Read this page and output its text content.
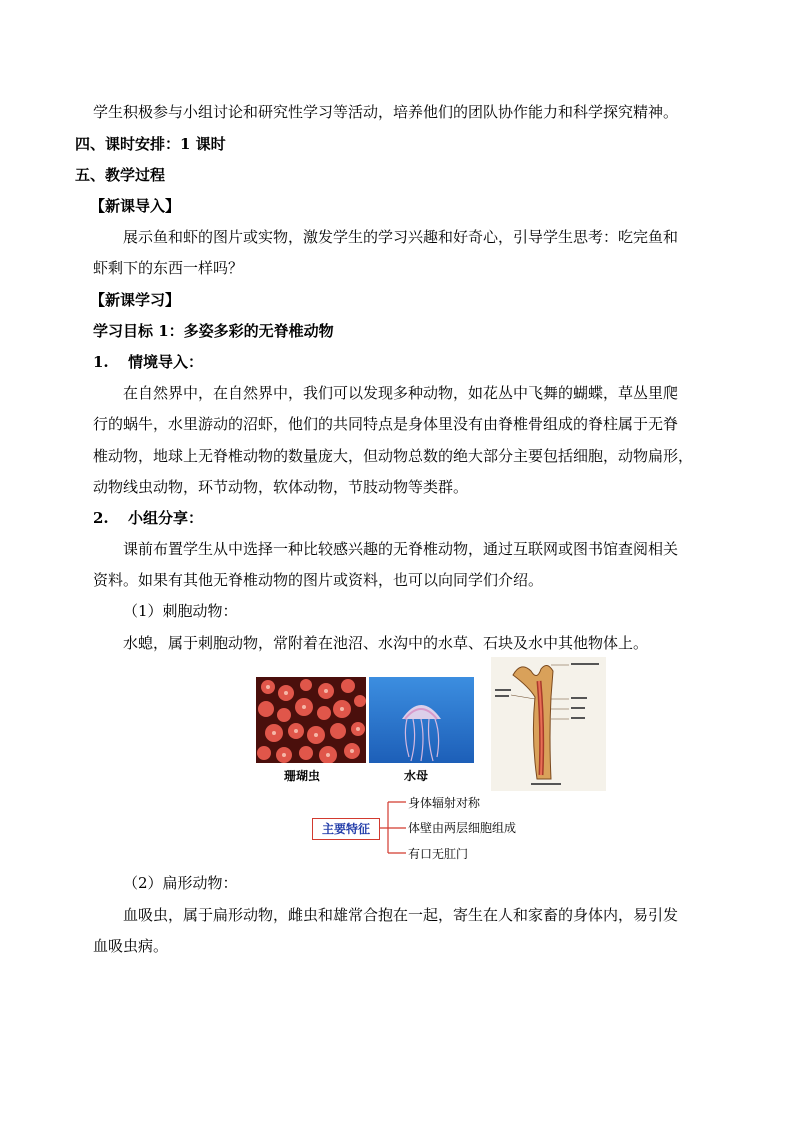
学生积极参与小组讨论和研究性学习等活动，培养他们的团队协作能力和科学探究精神。
四、课时安排：1 课时
五、教学过程
【新课导入】
展示鱼和虾的图片或实物，激发学生的学习兴趣和好奇心，引导学生思考：吃完鱼和
虾剩下的东西一样吗？
【新课学习】
学习目标 1：多姿多彩的无脊椎动物
1. 情境导入：
在自然界中，在自然界中，我们可以发现多种动物，如花丛中飞舞的蝴蝶，草丛里爬
行的蜗牛，水里游动的沼虾，他们的共同特点是身体里没有由脊椎骨组成的脊柱属于无脊
椎动物，地球上无脊椎动物的数量庞大，但动物总数的绝大部分主要包括细胞，动物扁形，
动物线虫动物，环节动物，软体动物，节肢动物等类群。
2. 小组分享：
课前布置学生从中选择一种比较感兴趣的无脊椎动物，通过互联网或图书馆查阅相关
资料。如果有其他无脊椎动物的图片或资料，也可以向同学们介绍。
（1）刺胞动物：
水螅，属于刺胞动物，常附着在池沼、水沟中的水草、石块及水中其他物体上。
珊瑚虫	水母
主要特征
身体辐射对称
体壁由两层细胞组成
有口无肛门
（2）扁形动物：
血吸虫，属于扁形动物，雌虫和雄常合抱在一起，寄生在人和家畜的身体内，易引发
血吸虫病。
